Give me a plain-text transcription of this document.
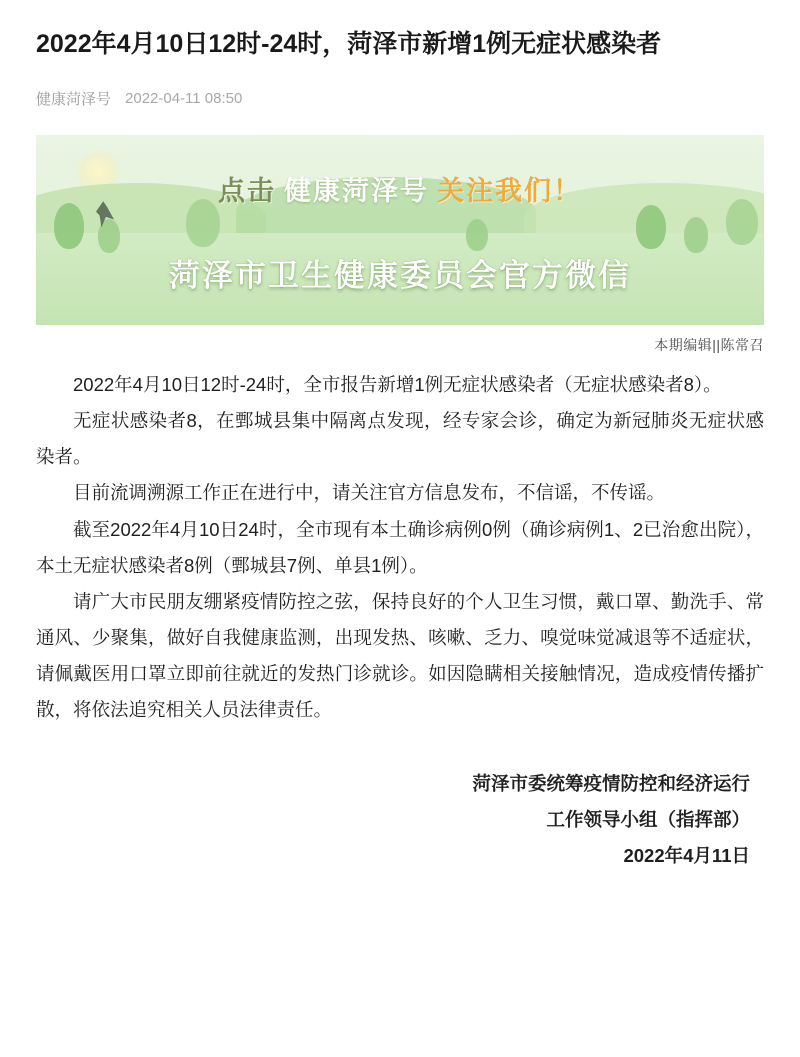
2022年4月10日12时-24时，菏泽市新增1例无症状感染者
健康菏泽号 2022-04-11 08:50
点击 健康菏泽号 关注我们！
菏泽市卫生健康委员会官方微信
本期编辑||陈常召

2022年4月10日12时-24时，全市报告新增1例无症状感染者（无症状感染者8）。

无症状感染者8，在鄄城县集中隔离点发现，经专家会诊，确定为新冠肺炎无症状感染者。

目前流调溯源工作正在进行中，请关注官方信息发布，不信谣，不传谣。

截至2022年4月10日24时，全市现有本土确诊病例0例（确诊病例1、2已治愈出院），本土无症状感染者8例（鄄城县7例、单县1例）。

请广大市民朋友绷紧疫情防控之弦，保持良好的个人卫生习惯，戴口罩、勤洗手、常通风、少聚集，做好自我健康监测，出现发热、咳嗽、乏力、嗅觉味觉减退等不适症状，请佩戴医用口罩立即前往就近的发热门诊就诊。如因隐瞒相关接触情况，造成疫情传播扩散，将依法追究相关人员法律责任。

菏泽市委统筹疫情防控和经济运行
工作领导小组（指挥部）
2022年4月11日
